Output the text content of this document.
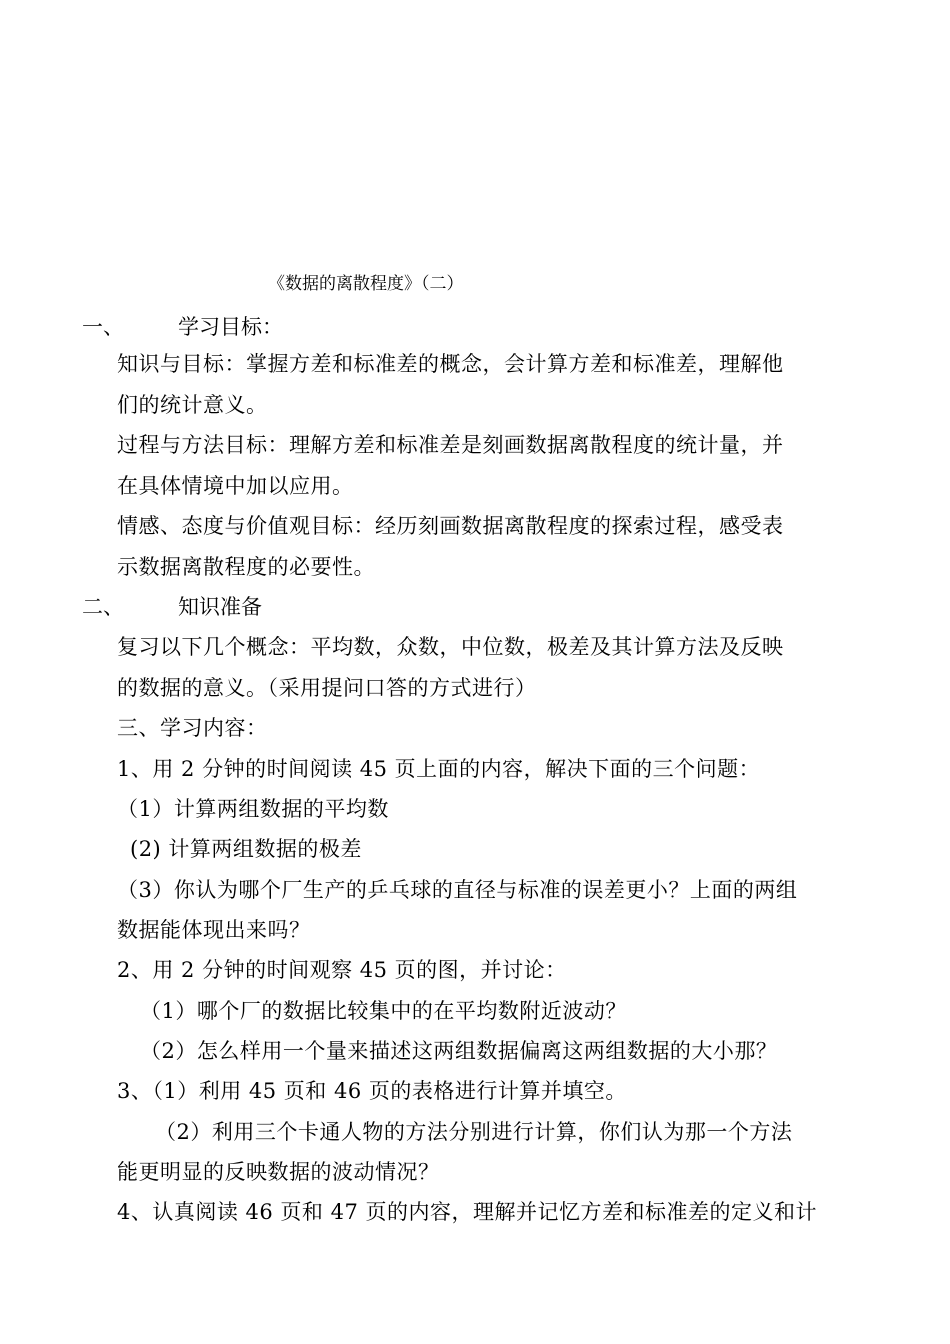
《数据的离散程度》（二）
一、	学习目标：
知识与目标：掌握方差和标准差的概念，会计算方差和标准差，理解他
们的统计意义。
过程与方法目标：理解方差和标准差是刻画数据离散程度的统计量，并
在具体情境中加以应用。
情感、态度与价值观目标：经历刻画数据离散程度的探索过程，感受表
示数据离散程度的必要性。
二、	知识准备
复习以下几个概念：平均数，众数，中位数，极差及其计算方法及反映
的数据的意义。（采用提问口答的方式进行）
三、学习内容：
1、用 2 分钟的时间阅读 45 页上面的内容，解决下面的三个问题：
（1）计算两组数据的平均数
(2) 计算两组数据的极差
（3）你认为哪个厂生产的乒乓球的直径与标准的误差更小？上面的两组
数据能体现出来吗？
2、用 2 分钟的时间观察 45 页的图，并讨论：
（1）哪个厂的数据比较集中的在平均数附近波动？
（2）怎么样用一个量来描述这两组数据偏离这两组数据的大小那？
3、（1）利用 45 页和 46 页的表格进行计算并填空。
（2）利用三个卡通人物的方法分别进行计算，你们认为那一个方法
能更明显的反映数据的波动情况？
4、认真阅读 46 页和 47 页的内容，理解并记忆方差和标准差的定义和计
